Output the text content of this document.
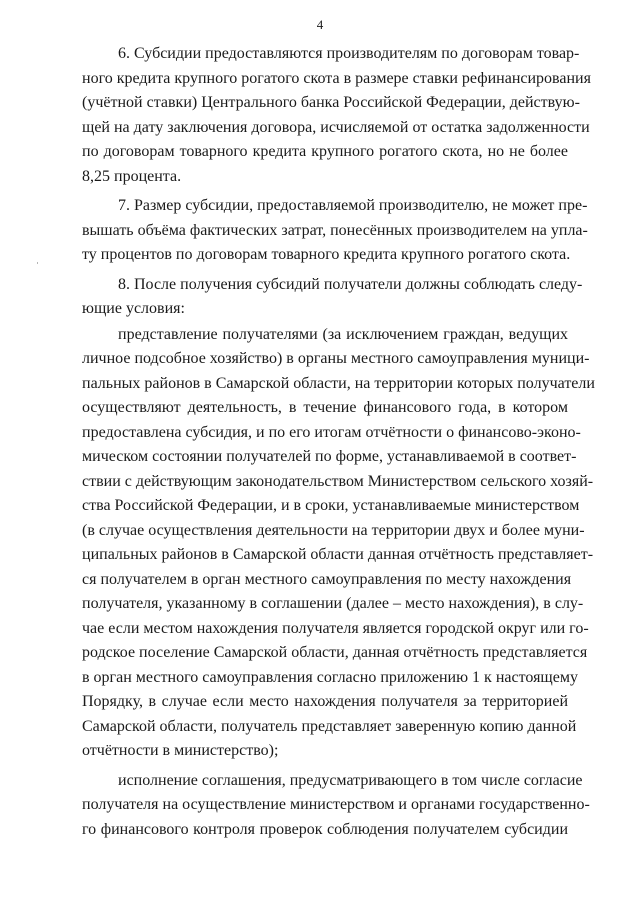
4
6. Субсидии предоставляются производителям по договорам товар-
ного кредита крупного рогатого скота в размере ставки рефинансирования
(учётной ставки) Центрального банка Российской Федерации, действую-
щей на дату заключения договора, исчисляемой от остатка задолженности
по договорам товарного кредита крупного рогатого скота, но не более
8,25 процента.
7. Размер субсидии, предоставляемой производителю, не может пре-
вышать объёма фактических затрат, понесённых производителем на упла-
ту процентов по договорам товарного кредита крупного рогатого скота.
8. После получения субсидий получатели должны соблюдать следу-
ющие условия:
представление получателями (за исключением граждан, ведущих
личное подсобное хозяйство) в органы местного самоуправления муници-
пальных районов в Самарской области, на территории которых получатели
осуществляют деятельность, в течение финансового года, в котором
предоставлена субсидия, и по его итогам отчётности о финансово-эконо-
мическом состоянии получателей по форме, устанавливаемой в соответ-
ствии с действующим законодательством Министерством сельского хозяй-
ства Российской Федерации, и в сроки, устанавливаемые министерством
(в случае осуществления деятельности на территории двух и более муни-
ципальных районов в Самарской области данная отчётность представляет-
ся получателем в орган местного самоуправления по месту нахождения
получателя, указанному в соглашении (далее – место нахождения), в слу-
чае если местом нахождения получателя является городской округ или го-
родское поселение Самарской области, данная отчётность представляется
в орган местного самоуправления согласно приложению 1 к настоящему
Порядку, в случае если место нахождения получателя за территорией
Самарской области, получатель представляет заверенную копию данной
отчётности в министерство);
исполнение соглашения, предусматривающего в том числе согласие
получателя на осуществление министерством и органами государственно-
го финансового контроля проверок соблюдения получателем субсидии
